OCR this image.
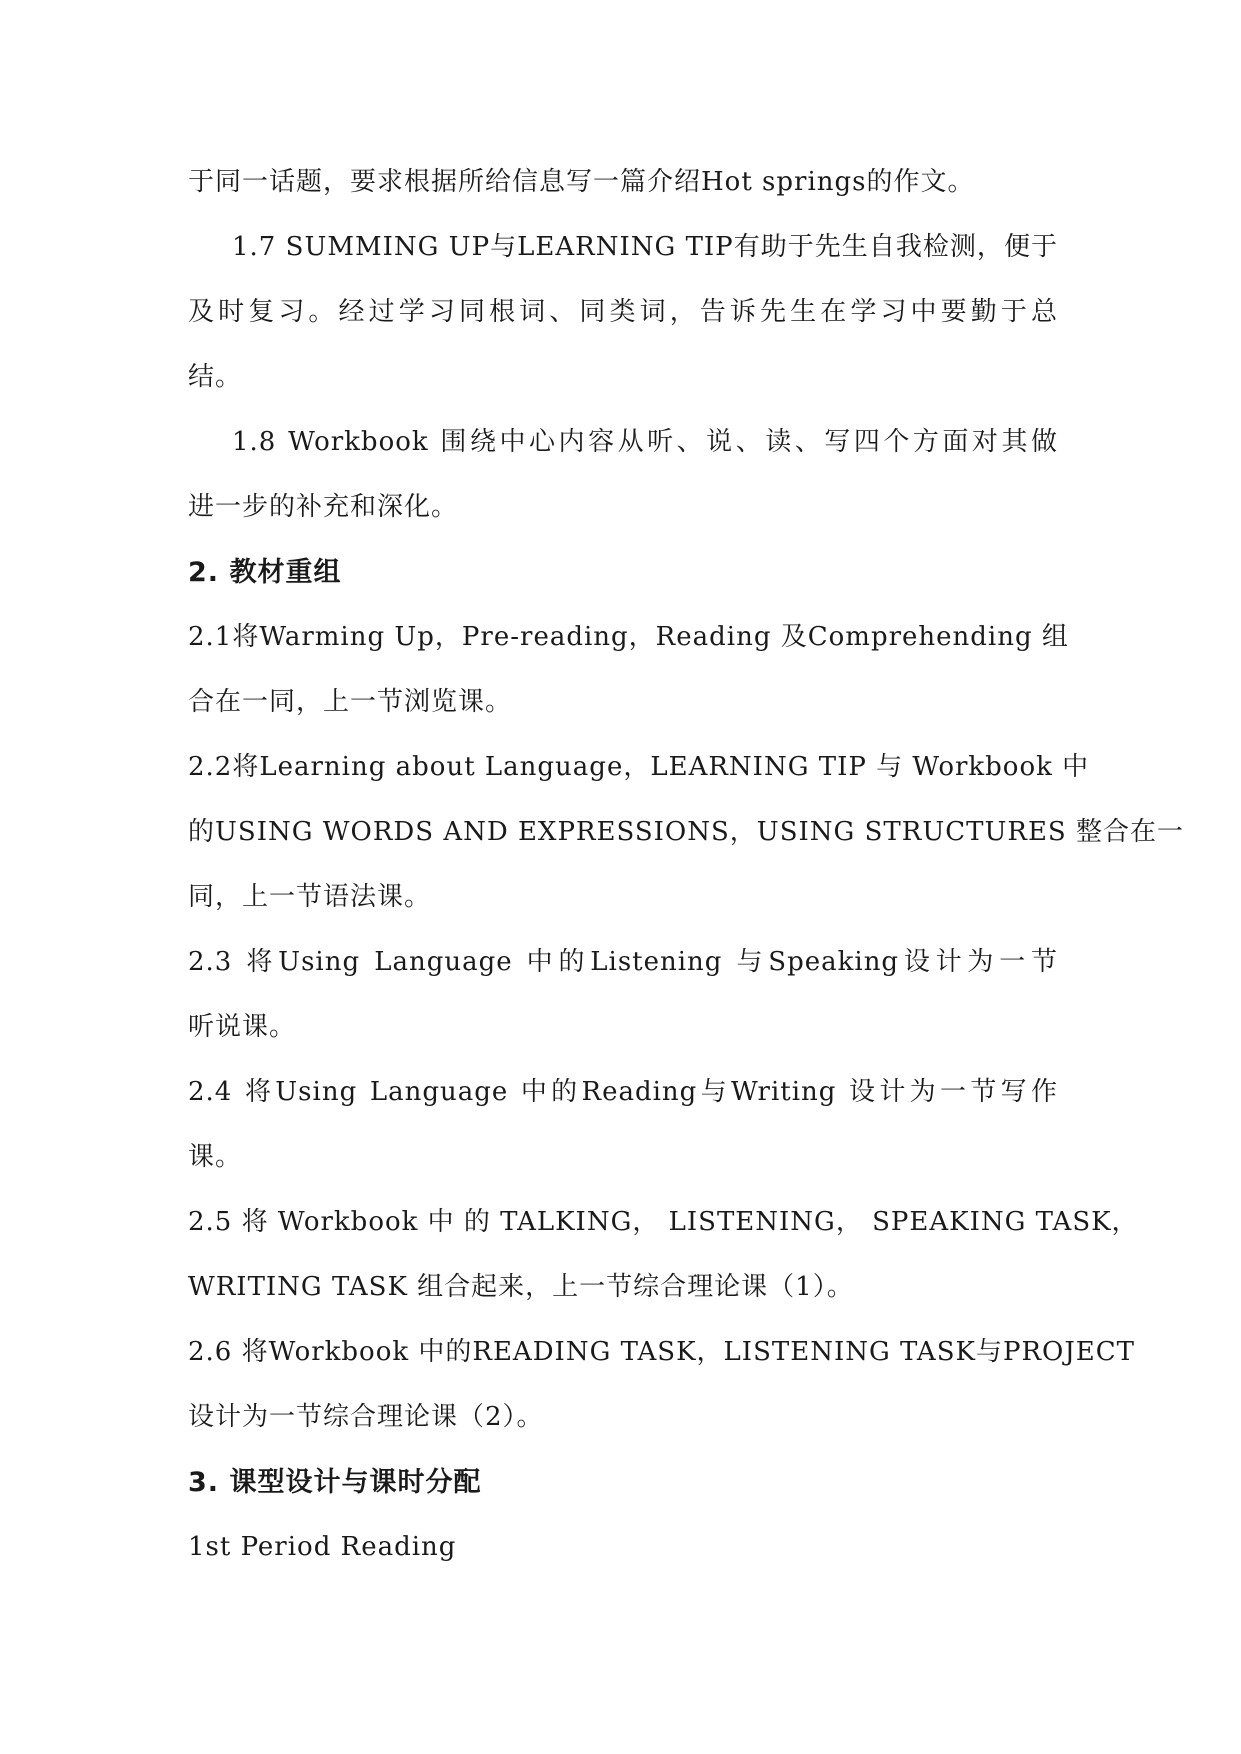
于同一话题，要求根据所给信息写一篇介绍Hot springs的作文。

1.7 SUMMING UP与LEARNING TIP有助于先生自我检测，便于

及时复习。经过学习同根词、同类词，告诉先生在学习中要勤于总

结。

1.8 Workbook 围绕中心内容从听、说、读、写四个方面对其做

进一步的补充和深化。

2. 教材重组

2.1将Warming Up，Pre-reading，Reading 及Comprehending 组

合在一同，上一节浏览课。

2.2将Learning about Language，LEARNING TIP 与 Workbook 中

的USING WORDS AND EXPRESSIONS，USING STRUCTURES 整合在一

同，上一节语法课。

2.3 将Using Language 中的Listening 与Speaking设计为一节

听说课。

2.4 将Using Language 中的Reading与Writing 设计为一节写作

课。

2.5 将 Workbook 中 的 TALKING， LISTENING， SPEAKING TASK，

WRITING TASK 组合起来，上一节综合理论课（1）。

2.6 将Workbook 中的READING TASK，LISTENING TASK与PROJECT

设计为一节综合理论课（2）。

3. 课型设计与课时分配

1st Period Reading
